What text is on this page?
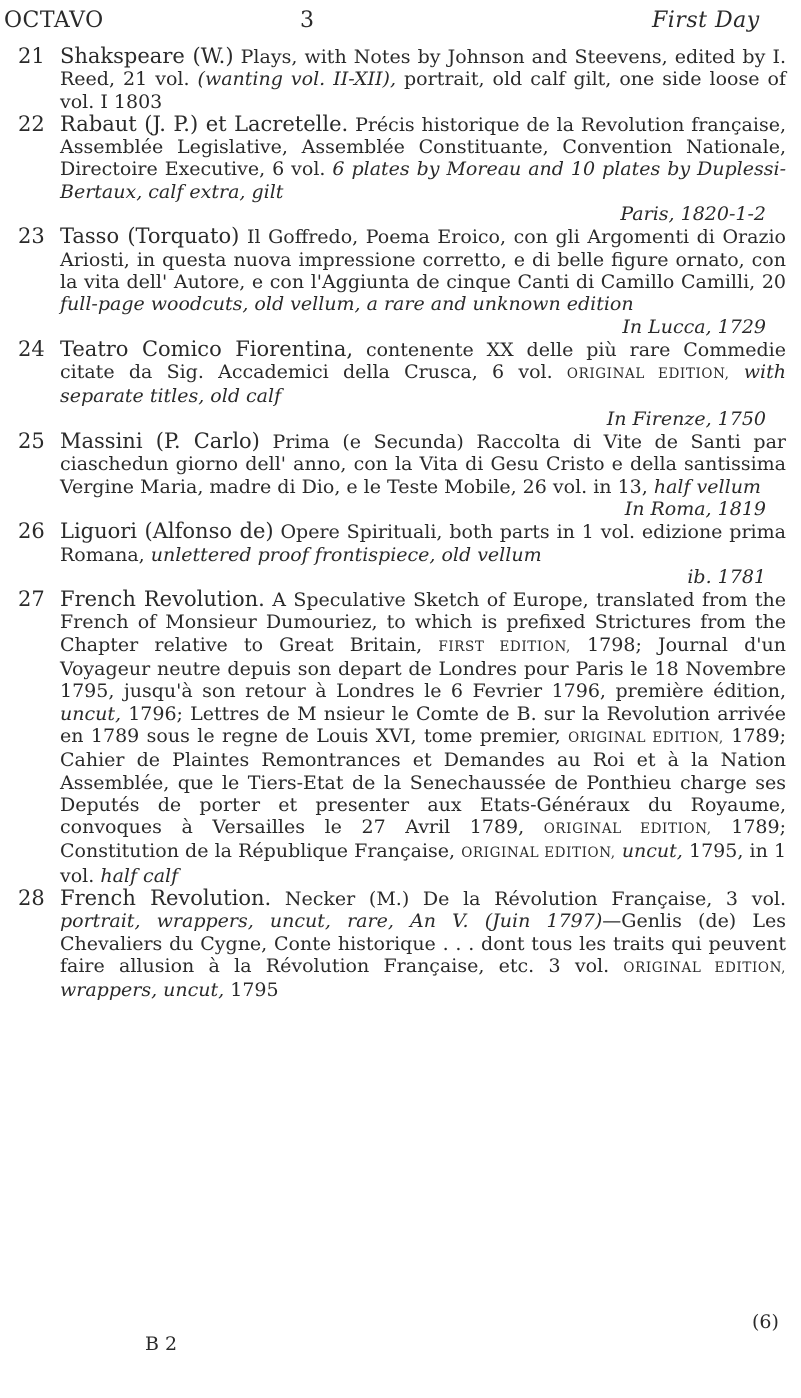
OCTAVO	3	First Day

21 Shakspeare (W.) Plays, with Notes by Johnson and Steevens, edited by I. Reed, 21 vol. (wanting vol. II-XII), portrait, old calf gilt, one side loose of vol. I 1803

22 Rabaut (J. P.) et Lacretelle. Précis historique de la Revolution française, Assemblée Legislative, Assemblée Constituante, Convention Nationale, Directoire Executive, 6 vol. 6 plates by Moreau and 10 plates by Duplessi-Bertaux, calf extra, gilt
Paris, 1820-1-2

23 Tasso (Torquato) Il Goffredo, Poema Eroico, con gli Argomenti di Orazio Ariosti, in questa nuova impressione corretto, e di belle figure ornato, con la vita dell' Autore, e con l'Aggiunta de cinque Canti di Camillo Camilli, 20 full-page woodcuts, old vellum, a rare and unknown edition
In Lucca, 1729

24 Teatro Comico Fiorentina, contenente XX delle più rare Commedie citate da Sig. Accademici della Crusca, 6 vol. ORIGINAL EDITION, with separate titles, old calf
In Firenze, 1750

25 Massini (P. Carlo) Prima (e Secunda) Raccolta di Vite de Santi par ciaschedun giorno dell' anno, con la Vita di Gesu Cristo e della santissima Vergine Maria, madre di Dio, e le Teste Mobile, 26 vol. in 13, half vellum
In Roma, 1819

26 Liguori (Alfonso de) Opere Spirituali, both parts in 1 vol. edizione prima Romana, unlettered proof frontispiece, old vellum
ib. 1781

27 French Revolution. A Speculative Sketch of Europe, translated from the French of Monsieur Dumouriez, to which is prefixed Strictures from the Chapter relative to Great Britain, FIRST EDITION, 1798; Journal d'un Voyageur neutre depuis son depart de Londres pour Paris le 18 Novembre 1795, jusqu'à son retour à Londres le 6 Fevrier 1796, première édition, uncut, 1796; Lettres de M nsieur le Comte de B. sur la Revolution arrivée en 1789 sous le regne de Louis XVI, tome premier, ORIGINAL EDITION, 1789; Cahier de Plaintes Remontrances et Demandes au Roi et à la Nation Assemblée, que le Tiers-Etat de la Senechaussée de Ponthieu charge ses Deputés de porter et presenter aux Etats-Généraux du Royaume, convoques à Versailles le 27 Avril 1789, ORIGINAL EDITION, 1789; Constitution de la République Française, ORIGINAL EDITION, uncut, 1795, in 1 vol. half calf

28 French Revolution. Necker (M.) De la Révolution Française, 3 vol. portrait, wrappers, uncut, rare, An V. (Juin 1797)—Genlis (de) Les Chevaliers du Cygne, Conte historique . . . dont tous les traits qui peuvent faire allusion à la Révolution Française, etc. 3 vol. ORIGINAL EDITION, wrappers, uncut, 1795

B 2
(6)
